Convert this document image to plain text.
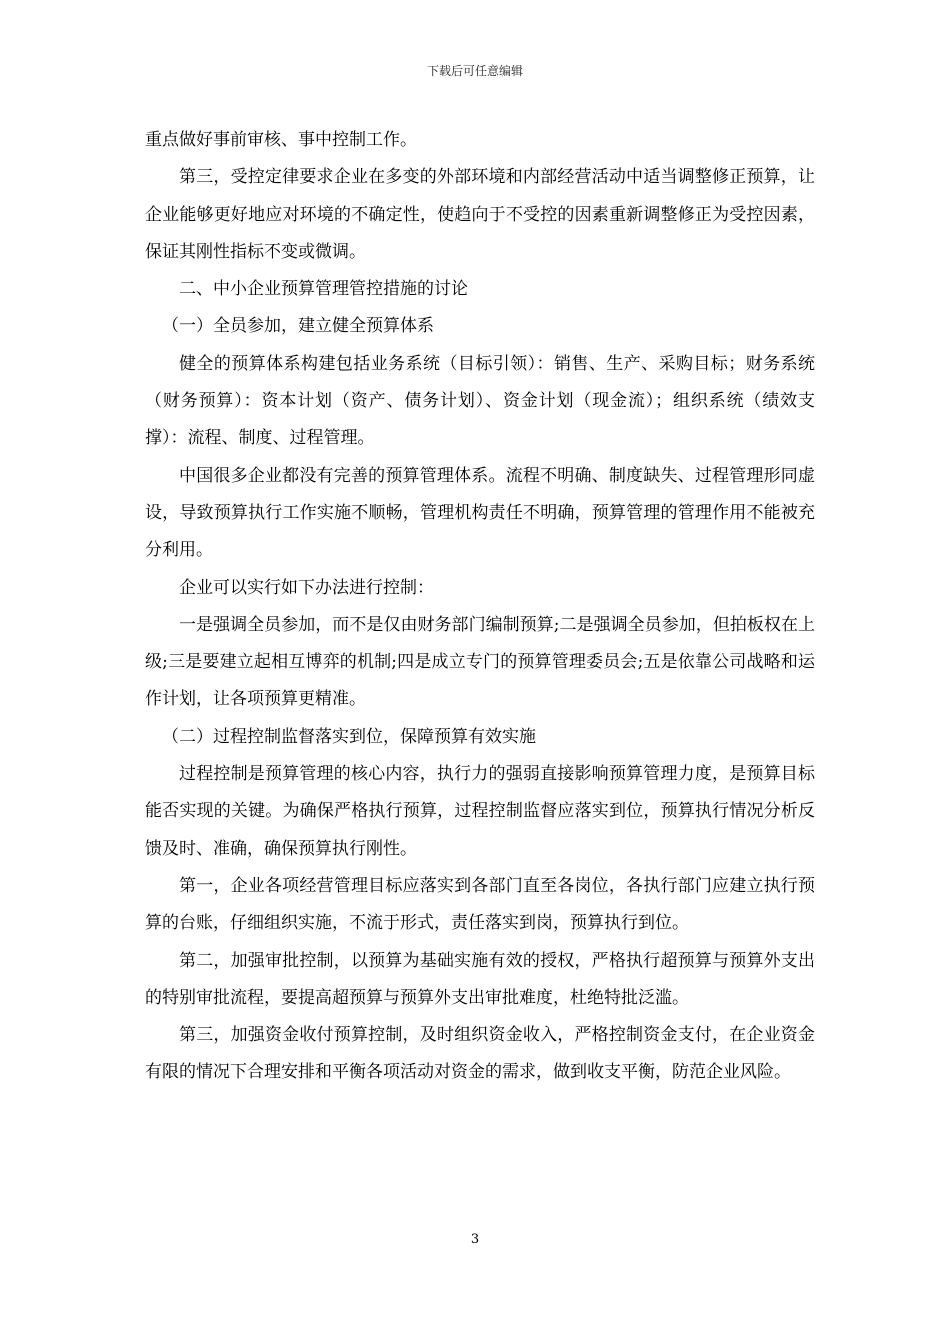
下载后可任意编辑

重点做好事前审核、事中控制工作。

第三，受控定律要求企业在多变的外部环境和内部经营活动中适当调整修正预算，让企业能够更好地应对环境的不确定性，使趋向于不受控的因素重新调整修正为受控因素，保证其刚性指标不变或微调。

二、中小企业预算管理管控措施的讨论

（一）全员参加，建立健全预算体系

健全的预算体系构建包括业务系统（目标引领）：销售、生产、采购目标；财务系统（财务预算）：资本计划（资产、债务计划）、资金计划（现金流）；组织系统（绩效支撑）：流程、制度、过程管理。

中国很多企业都没有完善的预算管理体系。流程不明确、制度缺失、过程管理形同虚设，导致预算执行工作实施不顺畅，管理机构责任不明确，预算管理的管理作用不能被充分利用。

企业可以实行如下办法进行控制：

一是强调全员参加，而不是仅由财务部门编制预算;二是强调全员参加，但拍板权在上级;三是要建立起相互博弈的机制;四是成立专门的预算管理委员会;五是依靠公司战略和运作计划，让各项预算更精准。

（二）过程控制监督落实到位，保障预算有效实施

过程控制是预算管理的核心内容，执行力的强弱直接影响预算管理力度，是预算目标能否实现的关键。为确保严格执行预算，过程控制监督应落实到位，预算执行情况分析反馈及时、准确，确保预算执行刚性。

第一，企业各项经营管理目标应落实到各部门直至各岗位，各执行部门应建立执行预算的台账，仔细组织实施，不流于形式，责任落实到岗，预算执行到位。

第二，加强审批控制，以预算为基础实施有效的授权，严格执行超预算与预算外支出的特别审批流程，要提高超预算与预算外支出审批难度，杜绝特批泛滥。

第三，加强资金收付预算控制，及时组织资金收入，严格控制资金支付，在企业资金有限的情况下合理安排和平衡各项活动对资金的需求，做到收支平衡，防范企业风险。

3
